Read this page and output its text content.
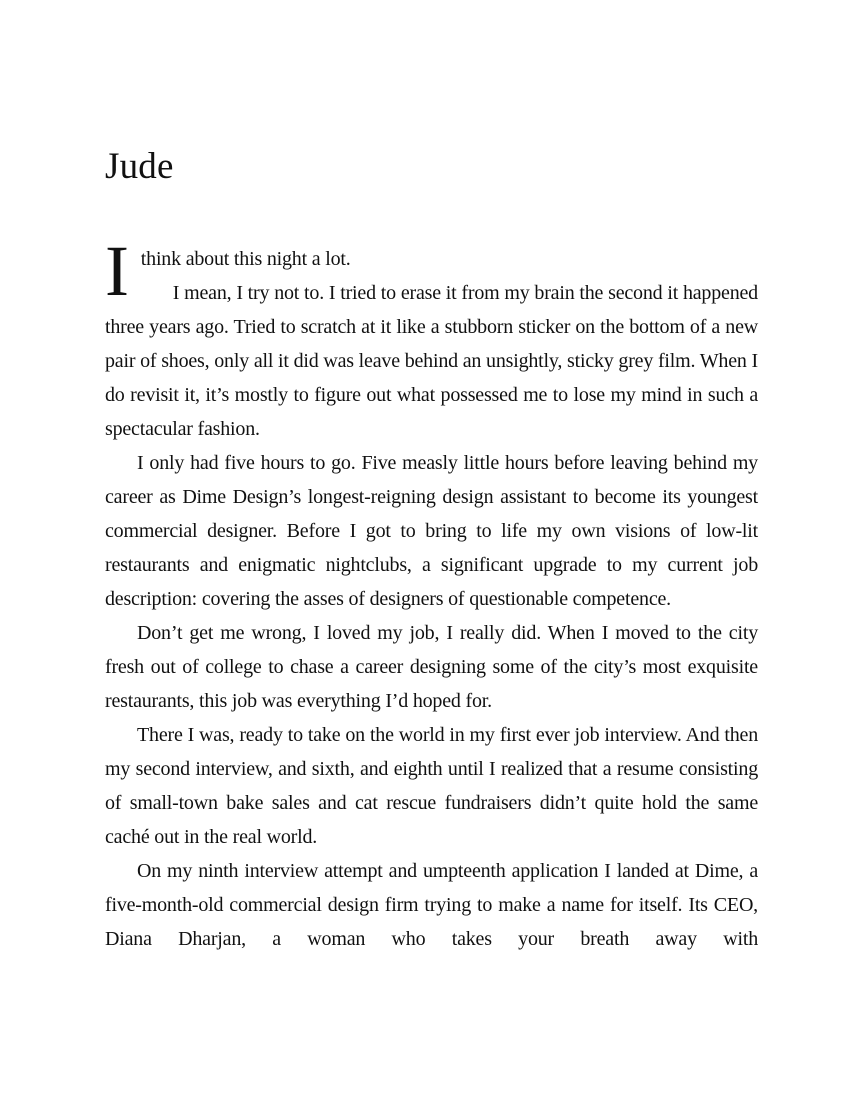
Jude

Ithink about this night a lot.

I mean, I try not to. I tried to erase it from my brain the second it happened three years ago. Tried to scratch at it like a stubborn sticker on the bottom of a new pair of shoes, only all it did was leave behind an unsightly, sticky grey film. When I do revisit it, it’s mostly to figure out what possessed me to lose my mind in such a spectacular fashion.

I only had five hours to go. Five measly little hours before leaving behind my career as Dime Design’s longest-reigning design assistant to become its youngest commercial designer. Before I got to bring to life my own visions of low-lit restaurants and enigmatic nightclubs, a significant upgrade to my current job description: covering the asses of designers of questionable competence.

Don’t get me wrong, I loved my job, I really did. When I moved to the city fresh out of college to chase a career designing some of the city’s most exquisite restaurants, this job was everything I’d hoped for.

There I was, ready to take on the world in my first ever job interview. And then my second interview, and sixth, and eighth until I realized that a resume consisting of small-town bake sales and cat rescue fundraisers didn’t quite hold the same caché out in the real world.

On my ninth interview attempt and umpteenth application I landed at Dime, a five-month-old commercial design firm trying to make a name for itself. Its CEO, Diana Dharjan, a woman who takes your breath away with
